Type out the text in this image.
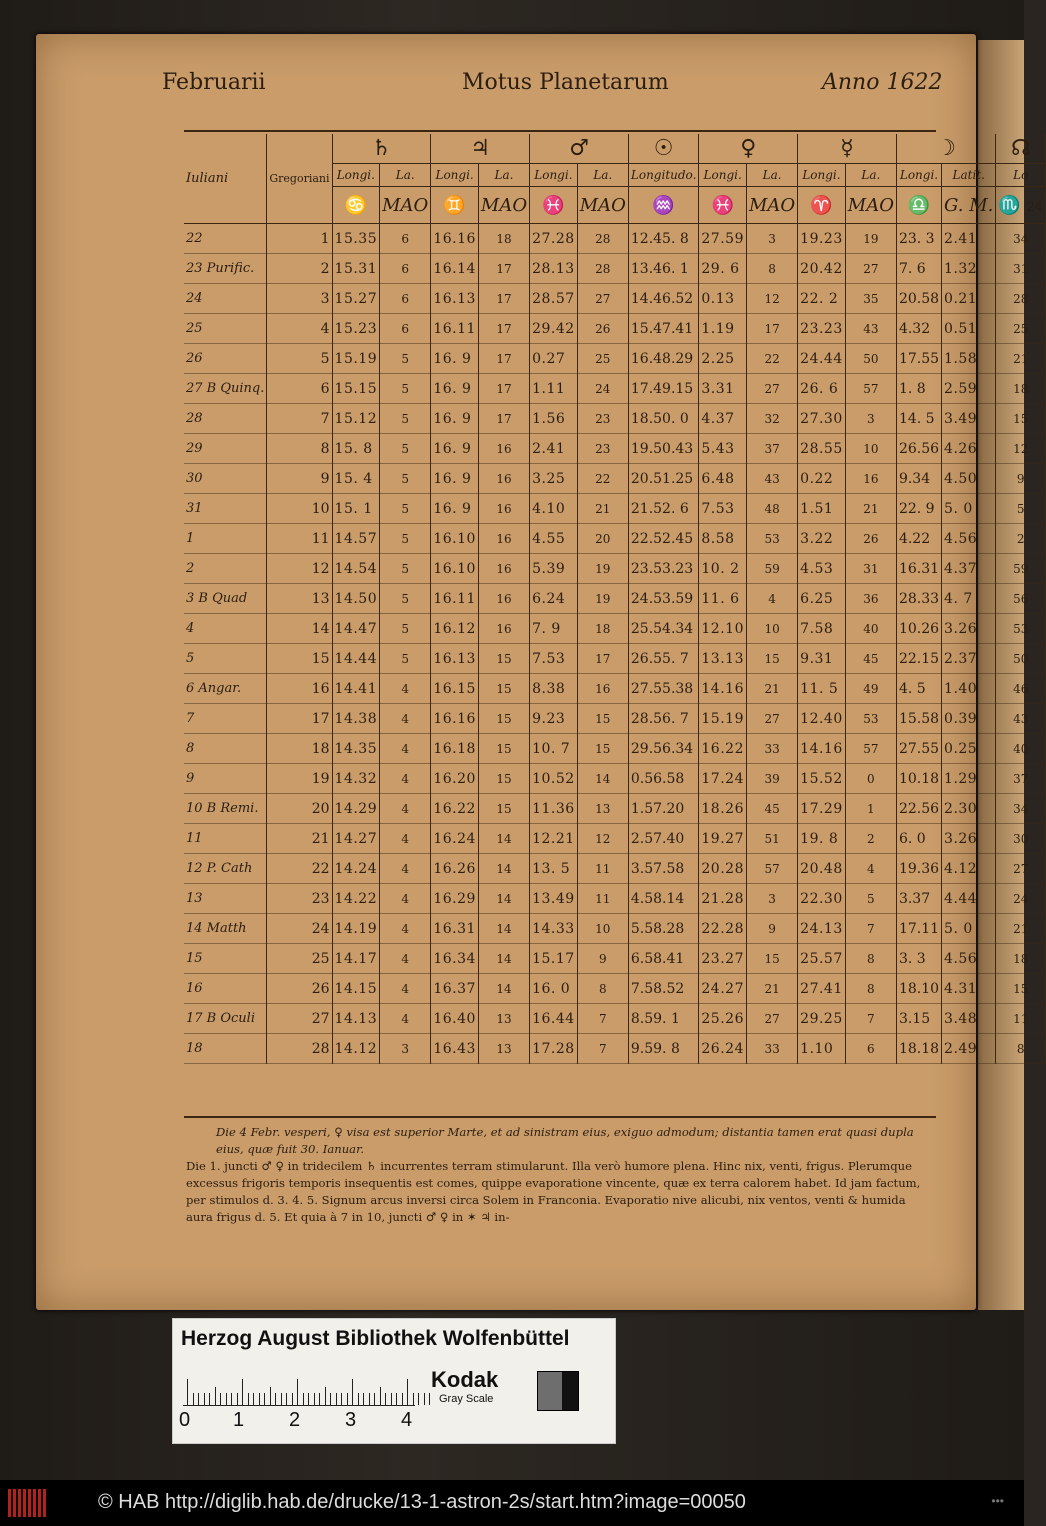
Februarii	Motus Planetarum	Anno 1622
Iuliani	Gregoriani	♄		♃		♂		☉	♀		☿		☽		☊
		Longi.	La.	Longi.	La.	Longi.	La.	Longitudo.	Longi.	La.	Longi.	La.	Longi.	Latit.	Lo
		♋	MAO	♊	MAO	♓	MAO	♒	♓	MAO	♈	MAO	♎	G. M.	♏ 24
22	1	15.35	6	16.16	18	27.28	28	12.45. 8	27.59	3	19.23	19	23. 3	2.41	34
23 Purific.	2	15.31	6	16.14	17	28.13	28	13.46. 1	29. 6	8	20.42	27	7. 6	1.32	31
24	3	15.27	6	16.13	17	28.57	27	14.46.52	0.13	12	22. 2	35	20.58	0.21	28
25	4	15.23	6	16.11	17	29.42	26	15.47.41	1.19	17	23.23	43	4.32	0.51	25
26	5	15.19	5	16. 9	17	0.27	25	16.48.29	2.25	22	24.44	50	17.55	1.58	21
27 B Quinq.	6	15.15	5	16. 9	17	1.11	24	17.49.15	3.31	27	26. 6	57	1. 8	2.59	18
28	7	15.12	5	16. 9	17	1.56	23	18.50. 0	4.37	32	27.30	3	14. 5	3.49	15
29	8	15. 8	5	16. 9	16	2.41	23	19.50.43	5.43	37	28.55	10	26.56	4.26	12
30	9	15. 4	5	16. 9	16	3.25	22	20.51.25	6.48	43	0.22	16	9.34	4.50	9
31	10	15. 1	5	16. 9	16	4.10	21	21.52. 6	7.53	48	1.51	21	22. 9	5. 0	5
1	11	14.57	5	16.10	16	4.55	20	22.52.45	8.58	53	3.22	26	4.22	4.56	2
2	12	14.54	5	16.10	16	5.39	19	23.53.23	10. 2	59	4.53	31	16.31	4.37	59
3 B Quad	13	14.50	5	16.11	16	6.24	19	24.53.59	11. 6	4	6.25	36	28.33	4. 7	56
4	14	14.47	5	16.12	16	7. 9	18	25.54.34	12.10	10	7.58	40	10.26	3.26	53
5	15	14.44	5	16.13	15	7.53	17	26.55. 7	13.13	15	9.31	45	22.15	2.37	50
6 Angar.	16	14.41	4	16.15	15	8.38	16	27.55.38	14.16	21	11. 5	49	4. 5	1.40	46
7	17	14.38	4	16.16	15	9.23	15	28.56. 7	15.19	27	12.40	53	15.58	0.39	43
8	18	14.35	4	16.18	15	10. 7	15	29.56.34	16.22	33	14.16	57	27.55	0.25	40
9	19	14.32	4	16.20	15	10.52	14	0.56.58	17.24	39	15.52	0	10.18	1.29	37
10 B Remi.	20	14.29	4	16.22	15	11.36	13	1.57.20	18.26	45	17.29	1	22.56	2.30	34
11	21	14.27	4	16.24	14	12.21	12	2.57.40	19.27	51	19. 8	2	6. 0	3.26	30
12 P. Cath	22	14.24	4	16.26	14	13. 5	11	3.57.58	20.28	57	20.48	4	19.36	4.12	27
13	23	14.22	4	16.29	14	13.49	11	4.58.14	21.28	3	22.30	5	3.37	4.44	24
14 Matth	24	14.19	4	16.31	14	14.33	10	5.58.28	22.28	9	24.13	7	17.11	5. 0	21
15	25	14.17	4	16.34	14	15.17	9	6.58.41	23.27	15	25.57	8	3. 3	4.56	18
16	26	14.15	4	16.37	14	16. 0	8	7.58.52	24.27	21	27.41	8	18.10	4.31	15
17 B Oculi	27	14.13	4	16.40	13	16.44	7	8.59. 1	25.26	27	29.25	7	3.15	3.48	11
18	28	14.12	3	16.43	13	17.28	7	9.59. 8	26.24	33	1.10	6	18.18	2.49	8

Die 4 Febr. vesperi, ♀ visa est superior Marte, et ad sinistram eius, exiguo admodum; distantia tamen erat quasi dupla eius, quæ fuit 30. Ianuar.

Die 1. juncti ♂ ♀ in tridecilem ♄ incurrentes terram stimularunt. Illa verò humore plena. Hinc nix, venti, frigus. Plerumque excessus frigoris temporis insequentis est comes, quippe evaporatione vincente, quæ ex terra calorem habet. Id jam factum, per stimulos d. 3. 4. 5. Signum arcus inversi circa Solem in Franconia. Evaporatio nive alicubi, nix ventos, venti & humida aura frigus d. 5. Et quia à 7 in 10, juncti ♂ ♀ in ✶ ♃ in-

Herzog August Bibliothek Wolfenbüttel
0 1 2 3 4
Kodak
Gray Scale
© HAB http://diglib.hab.de/drucke/13-1-astron-2s/start.htm?image=00050	•••
